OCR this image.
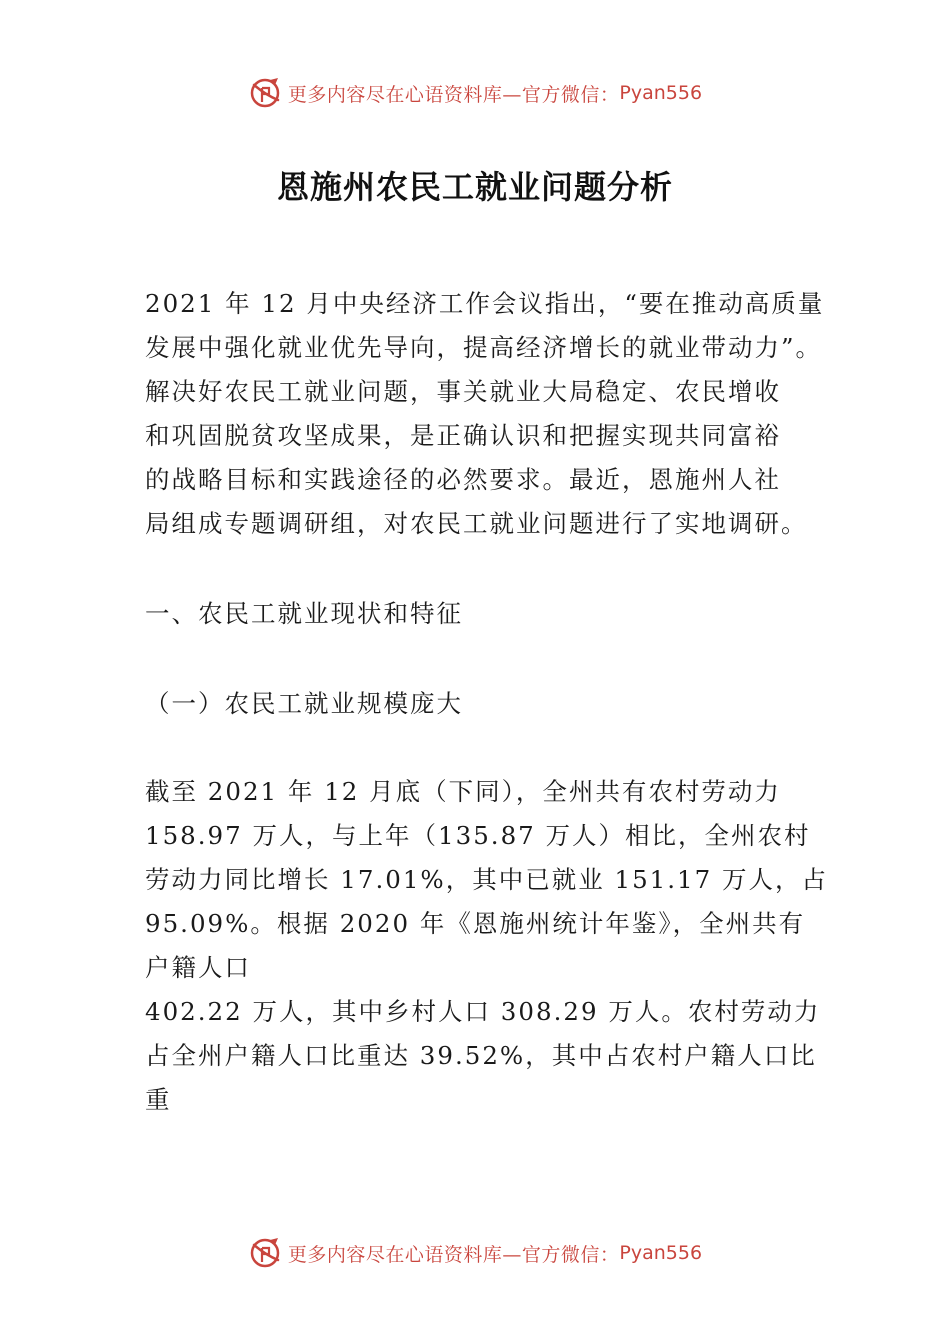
更多内容尽在心语资料库—官方微信： Pyan556
恩施州农民工就业问题分析
2021 年 12 月中央经济工作会议指出，“要在推动高质量
发展中强化就业优先导向，提高经济增长的就业带动力”。
解决好农民工就业问题，事关就业大局稳定、农民增收
和巩固脱贫攻坚成果，是正确认识和把握实现共同富裕
的战略目标和实践途径的必然要求。最近，恩施州人社
局组成专题调研组，对农民工就业问题进行了实地调研。
一、农民工就业现状和特征
（一）农民工就业规模庞大
截至 2021 年 12 月底（下同），全州共有农村劳动力
158.97 万人，与上年（135.87 万人）相比，全州农村
劳动力同比增长 17.01%，其中已就业 151.17 万人，占
95.09%。根据 2020 年《恩施州统计年鉴》，全州共有
户籍人口
402.22 万人，其中乡村人口 308.29 万人。农村劳动力
占全州户籍人口比重达 39.52%，其中占农村户籍人口比
重
更多内容尽在心语资料库—官方微信： Pyan556
